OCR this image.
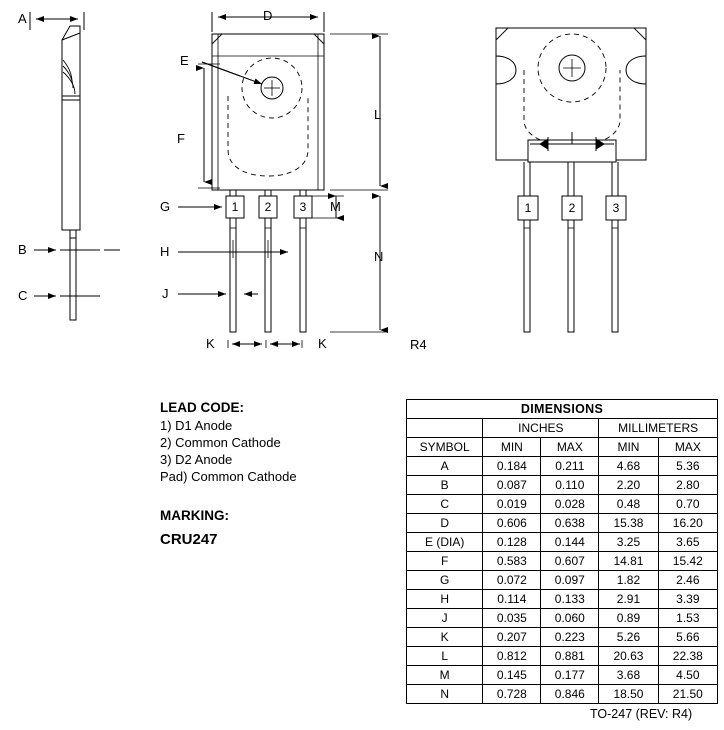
A
B
C
D
E
F
G
H
J
K	K
L
M
N
R4
1	2	3	1	2	3
LEAD CODE:
1) D1 Anode
2) Common Cathode
3) D2 Anode
Pad) Common Cathode
MARKING:
CRU247
DIMENSIONS				
	INCHES		MILLIMETERS	
SYMBOL	MIN	MAX	MIN	MAX
A	0.184	0.211	4.68	5.36
B	0.087	0.110	2.20	2.80
C	0.019	0.028	0.48	0.70
D	0.606	0.638	15.38	16.20
E (DIA)	0.128	0.144	3.25	3.65
F	0.583	0.607	14.81	15.42
G	0.072	0.097	1.82	2.46
H	0.114	0.133	2.91	3.39
J	0.035	0.060	0.89	1.53
K	0.207	0.223	5.26	5.66
L	0.812	0.881	20.63	22.38
M	0.145	0.177	3.68	4.50
N	0.728	0.846	18.50	21.50
TO-247 (REV: R4)
